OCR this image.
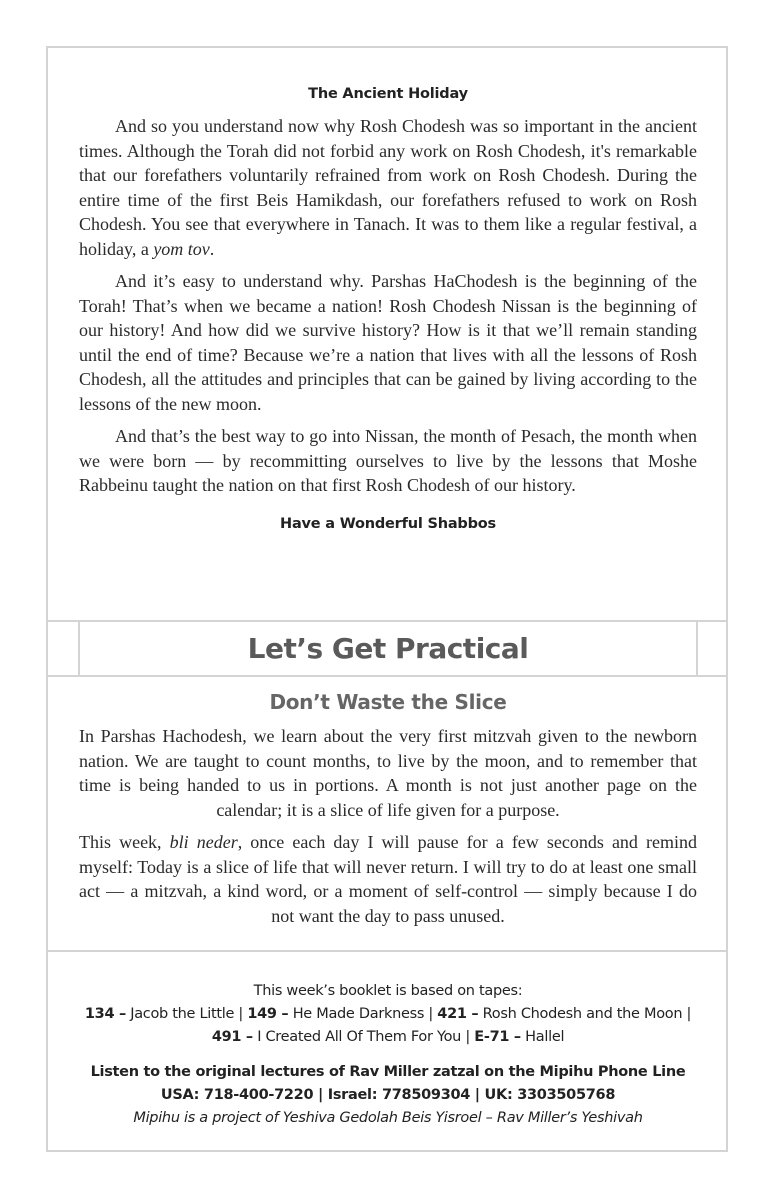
The Ancient Holiday

And so you understand now why Rosh Chodesh was so important in the ancient times. Although the Torah did not forbid any work on Rosh Chodesh, it's remarkable that our forefathers voluntarily refrained from work on Rosh Chodesh. During the entire time of the first Beis Hamikdash, our forefathers refused to work on Rosh Chodesh. You see that everywhere in Tanach. It was to them like a regular festival, a holiday, a yom tov.

And it’s easy to understand why. Parshas HaChodesh is the beginning of the Torah! That’s when we became a nation! Rosh Chodesh Nissan is the beginning of our history! And how did we survive history? How is it that we’ll remain standing until the end of time? Because we’re a nation that lives with all the lessons of Rosh Chodesh, all the attitudes and principles that can be gained by living according to the lessons of the new moon.

And that’s the best way to go into Nissan, the month of Pesach, the month when we were born — by recommitting ourselves to live by the lessons that Moshe Rabbeinu taught the nation on that first Rosh Chodesh of our history.

Have a Wonderful Shabbos
Let’s Get Practical
Don’t Waste the Slice

In Parshas Hachodesh, we learn about the very first mitzvah given to the newborn nation. We are taught to count months, to live by the moon, and to remember that time is being handed to us in portions. A month is not just another page on the calendar; it is a slice of life given for a purpose.

This week, bli neder, once each day I will pause for a few seconds and remind myself: Today is a slice of life that will never return. I will try to do at least one small act — a mitzvah, a kind word, or a moment of self-control — simply because I do not want the day to pass unused.

This week’s booklet is based on tapes:
134 – Jacob the Little | 149 – He Made Darkness | 421 – Rosh Chodesh and the Moon | 491 – I Created All Of Them For You | E-71 – Hallel
Listen to the original lectures of Rav Miller zatzal on the Mipihu Phone Line
USA: 718-400-7220 | Israel: 778509304 | UK: 3303505768
Mipihu is a project of Yeshiva Gedolah Beis Yisroel – Rav Miller’s Yeshivah
